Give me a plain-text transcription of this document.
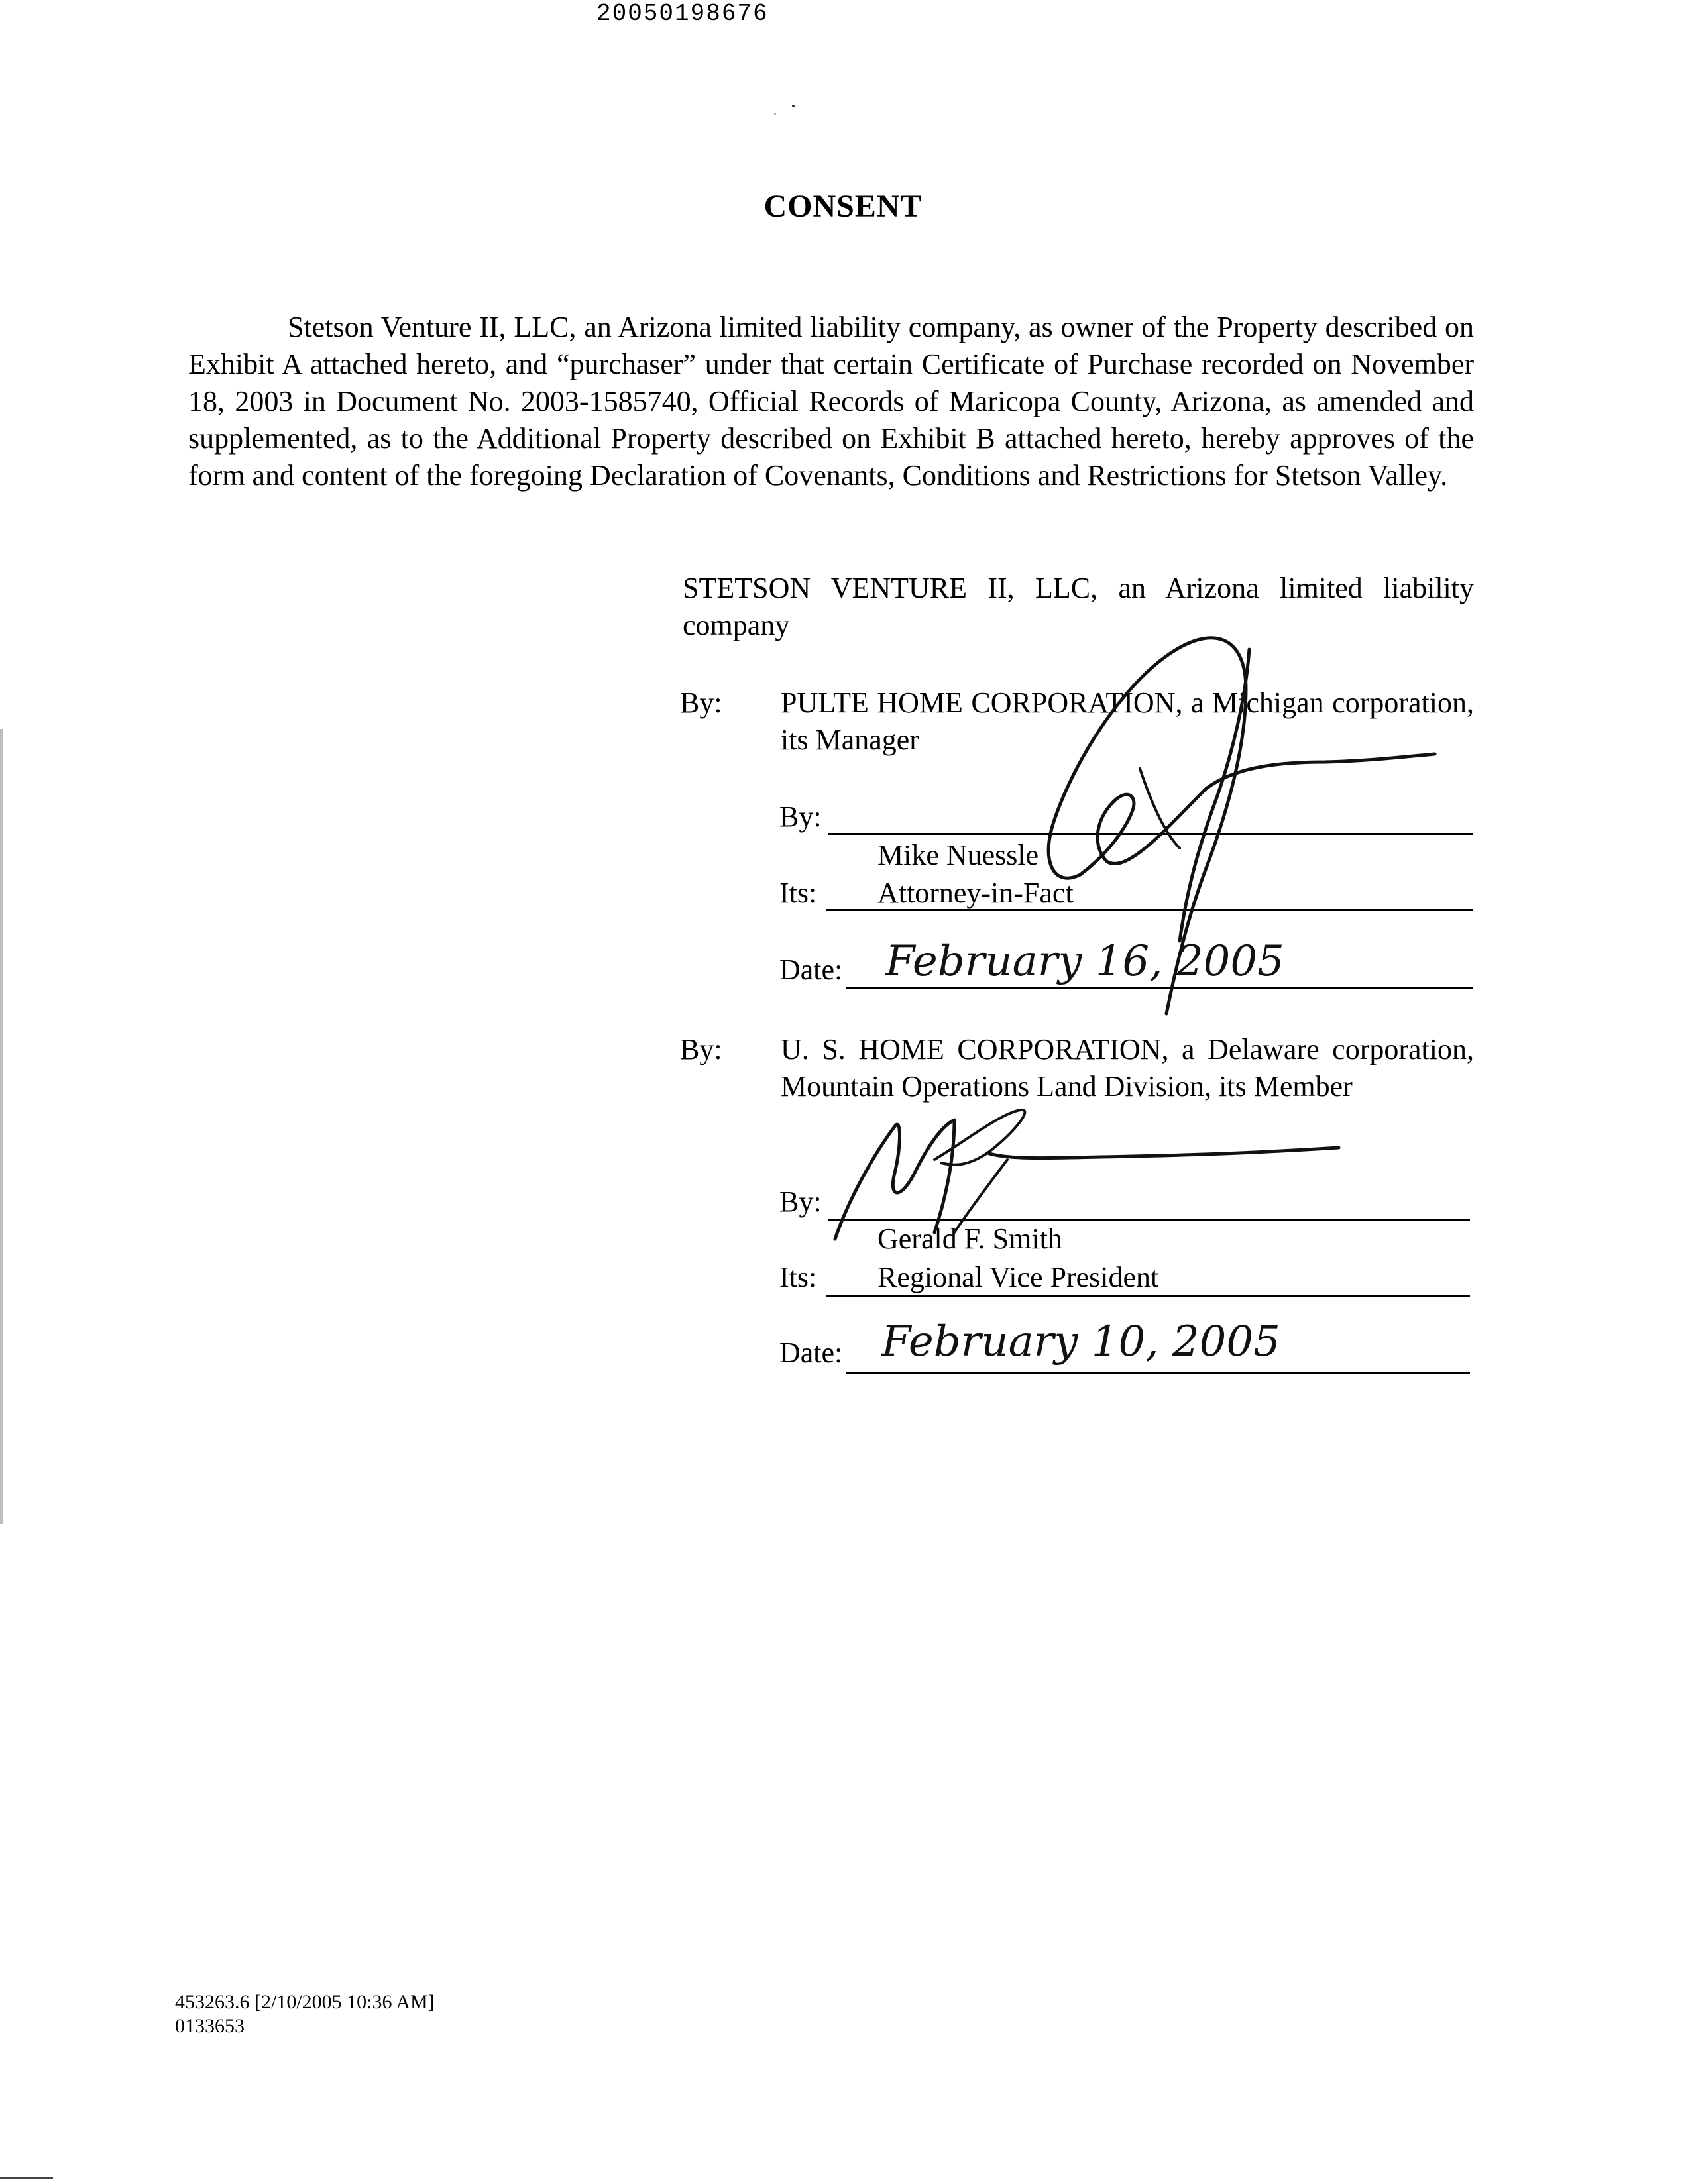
20050198676
CONSENT
Stetson Venture II, LLC, an Arizona limited liability company, as owner of the Property described on Exhibit A attached hereto, and “purchaser” under that certain Certificate of Purchase recorded on November 18, 2003 in Document No. 2003-1585740, Official Records of Maricopa County, Arizona, as amended and supplemented, as to the Additional Property described on Exhibit B attached hereto, hereby approves of the form and content of the foregoing Declaration of Covenants, Conditions and Restrictions for Stetson Valley.
STETSON VENTURE II, LLC, an Arizona limited liability company
By: PULTE HOME CORPORATION, a Michigan corporation, its Manager
By:
Mike Nuessle
Its: Attorney-in-Fact
Date: February 16, 2005
By: U. S. HOME CORPORATION, a Delaware corporation, Mountain Operations Land Division, its Member
By:
Gerald F. Smith
Its: Regional Vice President
Date: February 10, 2005
453263.6 [2/10/2005 10:36 AM]
0133653
